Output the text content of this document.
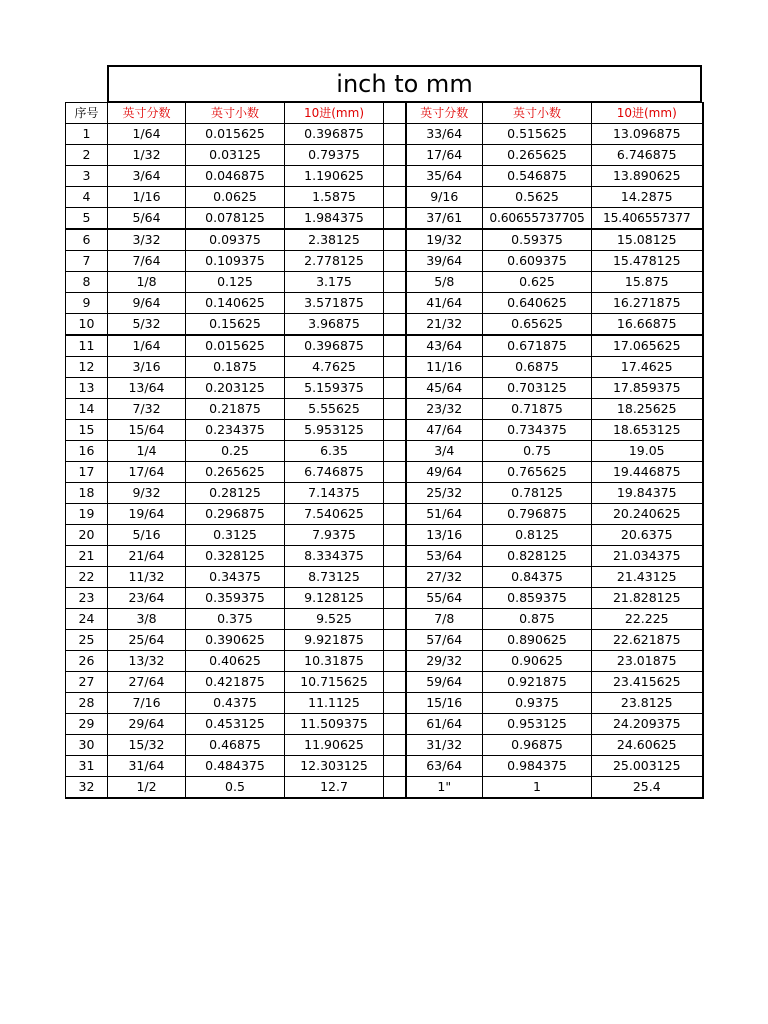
inch to mm
序号	英寸分数	英寸小数	10进(mm)		英寸分数	英寸小数	10进(mm)
1	1/64	0.015625	0.396875		33/64	0.515625	13.096875
2	1/32	0.03125	0.79375		17/64	0.265625	6.746875
3	3/64	0.046875	1.190625		35/64	0.546875	13.890625
4	1/16	0.0625	1.5875		9/16	0.5625	14.2875
5	5/64	0.078125	1.984375		37/61	0.60655737705	15.406557377
6	3/32	0.09375	2.38125		19/32	0.59375	15.08125
7	7/64	0.109375	2.778125		39/64	0.609375	15.478125
8	1/8	0.125	3.175		5/8	0.625	15.875
9	9/64	0.140625	3.571875		41/64	0.640625	16.271875
10	5/32	0.15625	3.96875		21/32	0.65625	16.66875
11	1/64	0.015625	0.396875		43/64	0.671875	17.065625
12	3/16	0.1875	4.7625		11/16	0.6875	17.4625
13	13/64	0.203125	5.159375		45/64	0.703125	17.859375
14	7/32	0.21875	5.55625		23/32	0.71875	18.25625
15	15/64	0.234375	5.953125		47/64	0.734375	18.653125
16	1/4	0.25	6.35		3/4	0.75	19.05
17	17/64	0.265625	6.746875		49/64	0.765625	19.446875
18	9/32	0.28125	7.14375		25/32	0.78125	19.84375
19	19/64	0.296875	7.540625		51/64	0.796875	20.240625
20	5/16	0.3125	7.9375		13/16	0.8125	20.6375
21	21/64	0.328125	8.334375		53/64	0.828125	21.034375
22	11/32	0.34375	8.73125		27/32	0.84375	21.43125
23	23/64	0.359375	9.128125		55/64	0.859375	21.828125
24	3/8	0.375	9.525		7/8	0.875	22.225
25	25/64	0.390625	9.921875		57/64	0.890625	22.621875
26	13/32	0.40625	10.31875		29/32	0.90625	23.01875
27	27/64	0.421875	10.715625		59/64	0.921875	23.415625
28	7/16	0.4375	11.1125		15/16	0.9375	23.8125
29	29/64	0.453125	11.509375		61/64	0.953125	24.209375
30	15/32	0.46875	11.90625		31/32	0.96875	24.60625
31	31/64	0.484375	12.303125		63/64	0.984375	25.003125
32	1/2	0.5	12.7		1"	1	25.4
